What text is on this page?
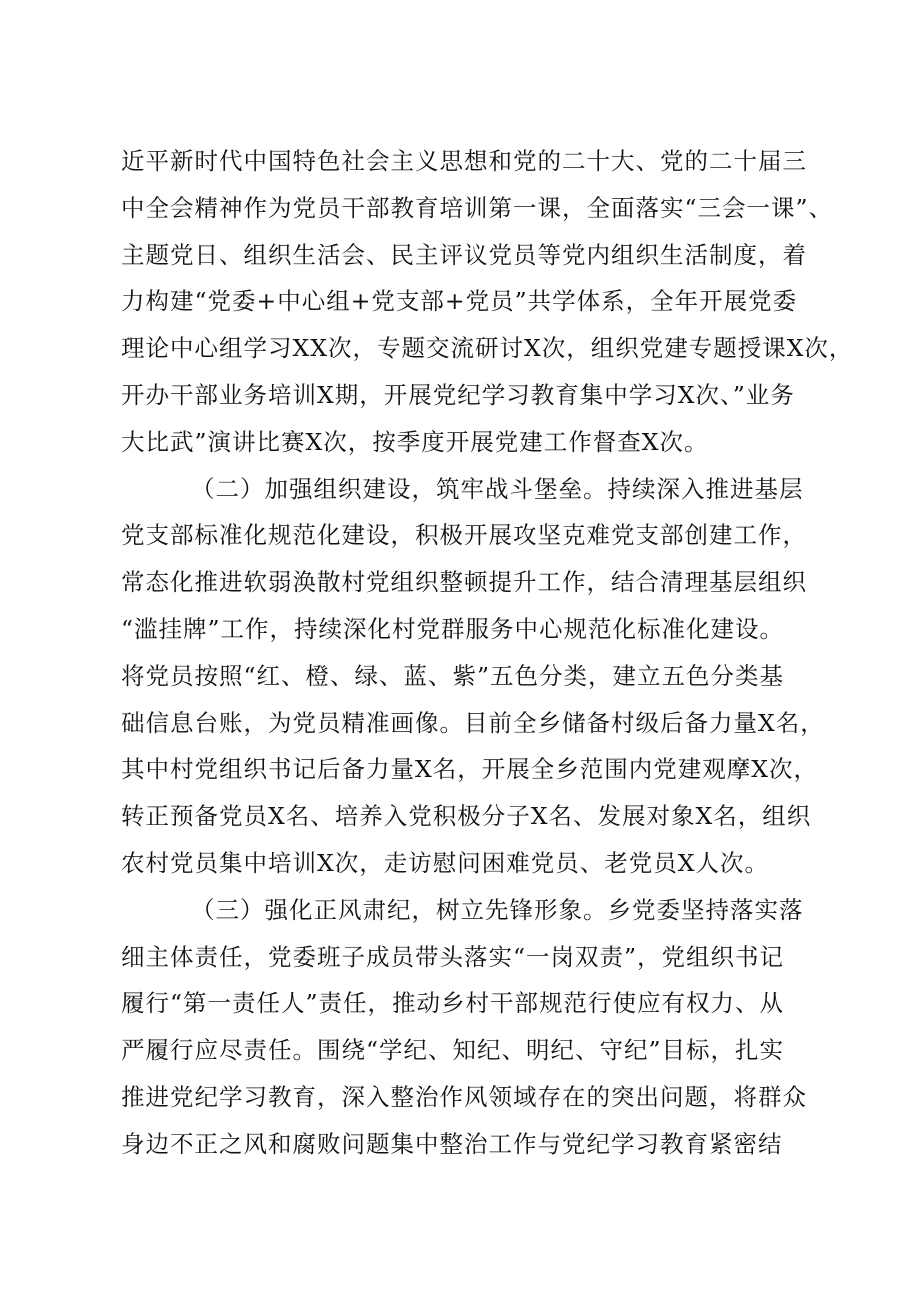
近平新时代中国特色社会主义思想和党的二十大、党的二十届三
中全会精神作为党员干部教育培训第一课，全面落实“三会一课”、
主题党日、组织生活会、民主评议党员等党内组织生活制度，着
力构建“党委+中心组+党支部+党员”共学体系，全年开展党委
理论中心组学习XX次，专题交流研讨X次，组织党建专题授课X次，
开办干部业务培训X期，开展党纪学习教育集中学习X次、”业务
大比武”演讲比赛X次，按季度开展党建工作督查X次。
（二）加强组织建设，筑牢战斗堡垒。持续深入推进基层
党支部标准化规范化建设，积极开展攻坚克难党支部创建工作，
常态化推进软弱涣散村党组织整顿提升工作，结合清理基层组织
“滥挂牌”工作，持续深化村党群服务中心规范化标准化建设。
将党员按照“红、橙、绿、蓝、紫”五色分类，建立五色分类基
础信息台账，为党员精准画像。目前全乡储备村级后备力量X名，
其中村党组织书记后备力量X名，开展全乡范围内党建观摩X次，
转正预备党员X名、培养入党积极分子X名、发展对象X名，组织
农村党员集中培训X次，走访慰问困难党员、老党员X人次。
（三）强化正风肃纪，树立先锋形象。乡党委坚持落实落
细主体责任，党委班子成员带头落实“一岗双责”，党组织书记
履行“第一责任人”责任，推动乡村干部规范行使应有权力、从
严履行应尽责任。围绕“学纪、知纪、明纪、守纪”目标，扎实
推进党纪学习教育，深入整治作风领域存在的突出问题，将群众
身边不正之风和腐败问题集中整治工作与党纪学习教育紧密结
